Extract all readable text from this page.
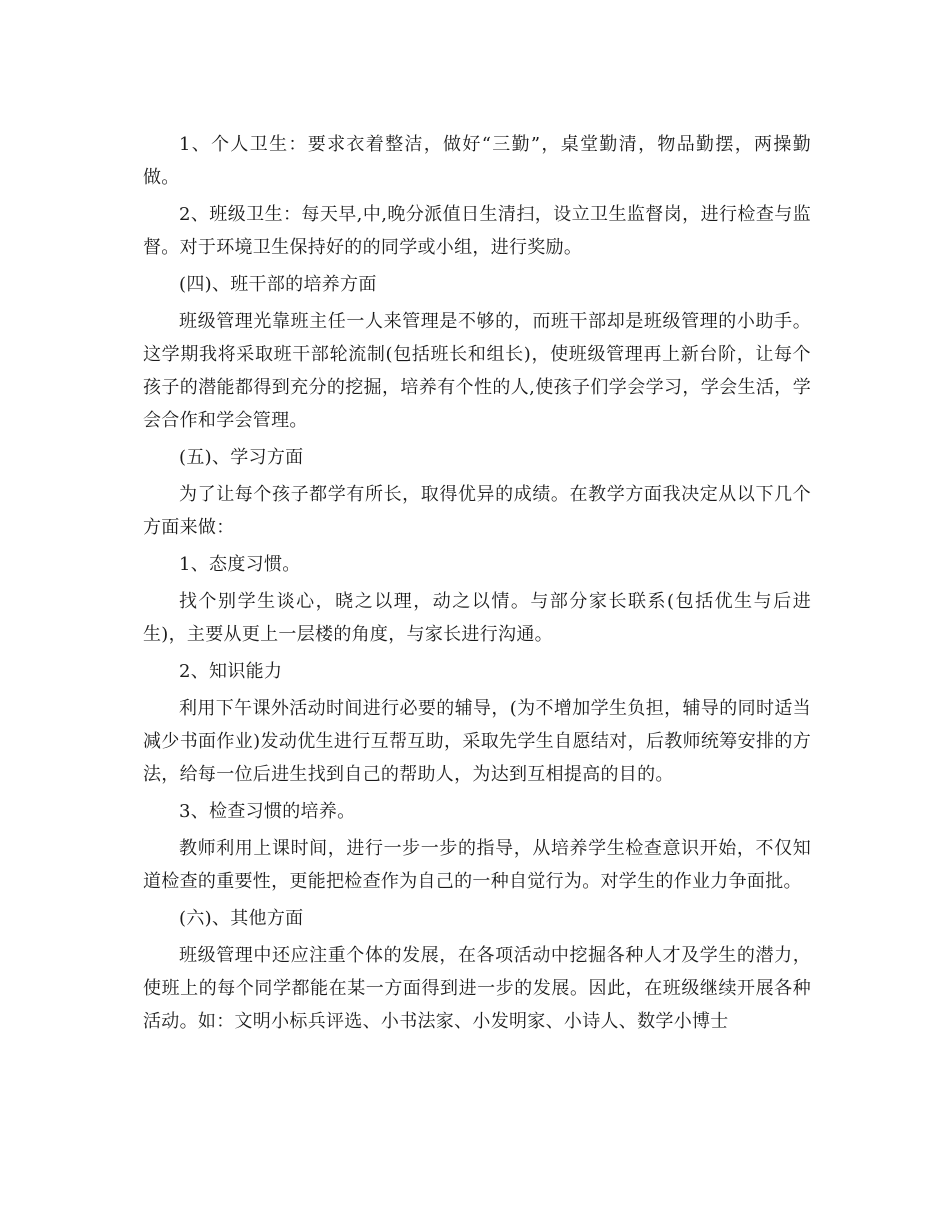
1、个人卫生：要求衣着整洁，做好“三勤”，桌堂勤清，物品勤摆，两操勤做。

2、班级卫生：每天早,中,晚分派值日生清扫，设立卫生监督岗，进行检查与监督。对于环境卫生保持好的的同学或小组，进行奖励。

(四)、班干部的培养方面

班级管理光靠班主任一人来管理是不够的，而班干部却是班级管理的小助手。这学期我将采取班干部轮流制(包括班长和组长)，使班级管理再上新台阶，让每个孩子的潜能都得到充分的挖掘，培养有个性的人,使孩子们学会学习，学会生活，学会合作和学会管理。

(五)、学习方面

为了让每个孩子都学有所长，取得优异的成绩。在教学方面我决定从以下几个方面来做：

1、态度习惯。

找个别学生谈心，晓之以理，动之以情。与部分家长联系(包括优生与后进生)，主要从更上一层楼的角度，与家长进行沟通。

2、知识能力

利用下午课外活动时间进行必要的辅导，(为不增加学生负担，辅导的同时适当减少书面作业)发动优生进行互帮互助，采取先学生自愿结对，后教师统筹安排的方法，给每一位后进生找到自己的帮助人，为达到互相提高的目的。

3、检查习惯的培养。

教师利用上课时间，进行一步一步的指导，从培养学生检查意识开始，不仅知道检查的重要性，更能把检查作为自己的一种自觉行为。对学生的作业力争面批。

(六)、其他方面

班级管理中还应注重个体的发展，在各项活动中挖掘各种人才及学生的潜力，使班上的每个同学都能在某一方面得到进一步的发展。因此，在班级继续开展各种活动。如：文明小标兵评选、小书法家、小发明家、小诗人、数学小博士
